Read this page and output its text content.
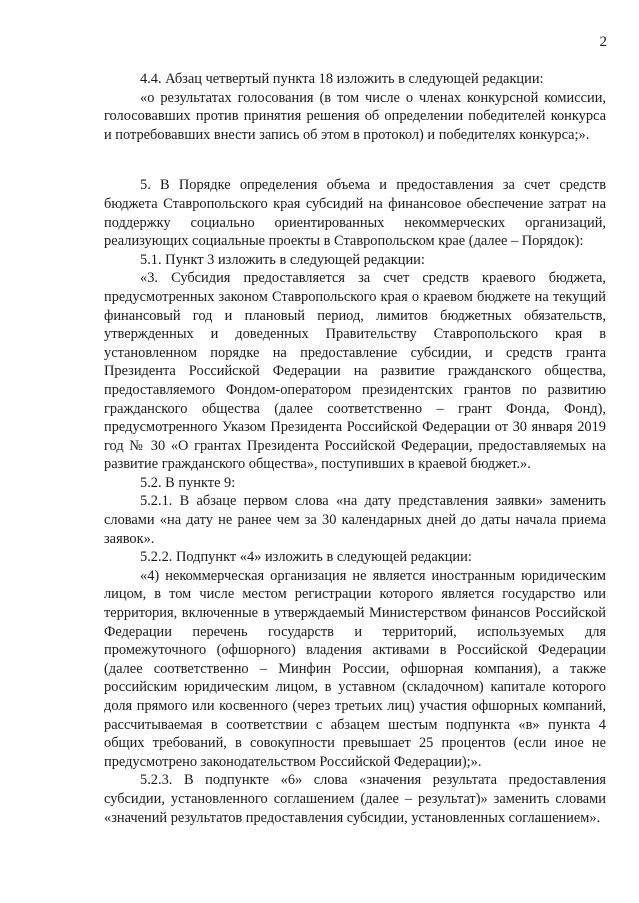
2

4.4. Абзац четвертый пункта 18 изложить в следующей редакции:

«о результатах голосования (в том числе о членах конкурсной комиссии, голосовавших против принятия решения об определении победителей конкурса и потребовавших внести запись об этом в протокол) и победителях конкурса;».

5. В Порядке определения объема и предоставления за счет средств бюджета Ставропольского края субсидий на финансовое обеспечение затрат на поддержку социально ориентированных некоммерческих организаций, реализующих социальные проекты в Ставропольском крае (далее – Порядок):

5.1. Пункт 3 изложить в следующей редакции:

«3. Субсидия предоставляется за счет средств краевого бюджета, предусмотренных законом Ставропольского края о краевом бюджете на текущий финансовый год и плановый период, лимитов бюджетных обязательств, утвержденных и доведенных Правительству Ставропольского края в установленном порядке на предоставление субсидии, и средств гранта Президента Российской Федерации на развитие гражданского общества, предоставляемого Фондом-оператором президентских грантов по развитию гражданского общества (далее соответственно – грант Фонда, Фонд), предусмотренного Указом Президента Российской Федерации от 30 января 2019 год № 30 «О грантах Президента Российской Федерации, предоставляемых на развитие гражданского общества», поступивших в краевой бюджет.».

5.2. В пункте 9:

5.2.1. В абзаце первом слова «на дату представления заявки» заменить словами «на дату не ранее чем за 30 календарных дней до даты начала приема заявок».

5.2.2. Подпункт «4» изложить в следующей редакции:

«4) некоммерческая организация не является иностранным юридическим лицом, в том числе местом регистрации которого является государство или территория, включенные в утверждаемый Министерством финансов Российской Федерации перечень государств и территорий, используемых для промежуточного (офшорного) владения активами в Российской Федерации (далее соответственно – Минфин России, офшорная компания), а также российским юридическим лицом, в уставном (складочном) капитале которого доля прямого или косвенного (через третьих лиц) участия офшорных компаний, рассчитываемая в соответствии с абзацем шестым подпункта «в» пункта 4 общих требований, в совокупности превышает 25 процентов (если иное не предусмотрено законодательством Российской Федерации);».

5.2.3. В подпункте «6» слова «значения результата предоставления субсидии, установленного соглашением (далее – результат)» заменить словами «значений результатов предоставления субсидии, установленных соглашением».
